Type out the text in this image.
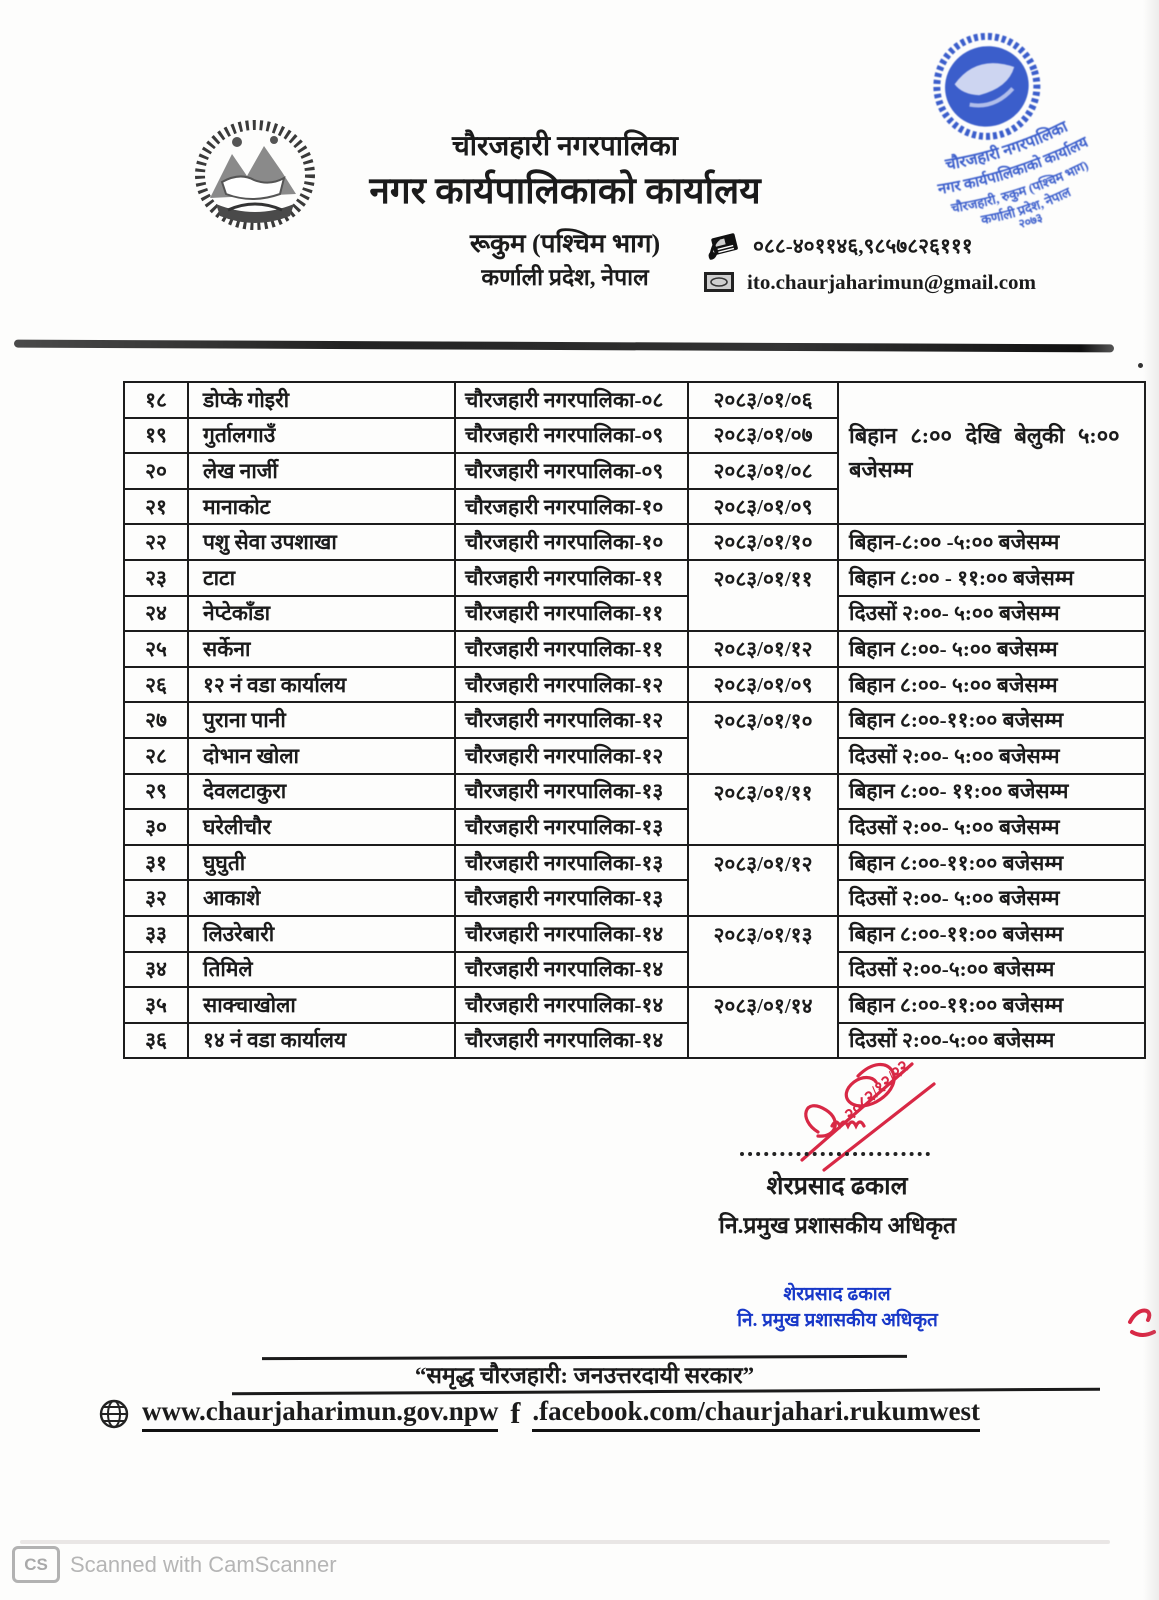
चौरजहारी नगरपालिका
नगर कार्यपालिकाको कार्यालय
रूकुम (पश्चिम भाग)
कर्णाली प्रदेश, नेपाल
०८८-४०११४६,९८५७८२६१११
ito.chaurjaharimun@gmail.com
चौरजहारी नगरपालिका
नगर कार्यपालिकाको कार्यालय
चौरजहारी, रुकुम (पश्चिम भाग)
कर्णाली प्रदेश, नेपाल
२०७३
१८	डोप्के गोइरी	चौरजहारी नगरपालिका-०८	२०८३/०१/०६	बिहान ८:०० देखि बेलुकी ५:०० बजेसम्म
१९	गुर्तालगाउँ	चौरजहारी नगरपालिका-०९	२०८३/०१/०७	
२०	लेख नार्जी	चौरजहारी नगरपालिका-०९	२०८३/०१/०८	
२१	मानाकोट	चौरजहारी नगरपालिका-१०	२०८३/०१/०९	
२२	पशु सेवा उपशाखा	चौरजहारी नगरपालिका-१०	२०८३/०१/१०	बिहान-८:०० -५:०० बजेसम्म
२३	टाटा	चौरजहारी नगरपालिका-११	२०८३/०१/११	बिहान ८:०० - ११:०० बजेसम्म
२४	नेप्टेकाँडा	चौरजहारी नगरपालिका-११		दिउसों २:००- ५:०० बजेसम्म
२५	सर्केना	चौरजहारी नगरपालिका-११	२०८३/०१/१२	बिहान ८:००- ५:०० बजेसम्म
२६	१२ नं वडा कार्यालय	चौरजहारी नगरपालिका-१२	२०८३/०१/०९	बिहान ८:००- ५:०० बजेसम्म
२७	पुराना पानी	चौरजहारी नगरपालिका-१२	२०८३/०१/१०	बिहान ८:००-११:०० बजेसम्म
२८	दोभान खोला	चौरजहारी नगरपालिका-१२		दिउसों २:००- ५:०० बजेसम्म
२९	देवलटाकुरा	चौरजहारी नगरपालिका-१३	२०८३/०१/११	बिहान ८:००- ११:०० बजेसम्म
३०	घरेलीचौर	चौरजहारी नगरपालिका-१३		दिउसों २:००- ५:०० बजेसम्म
३१	घुघुती	चौरजहारी नगरपालिका-१३	२०८३/०१/१२	बिहान ८:००-११:०० बजेसम्म
३२	आकाशे	चौरजहारी नगरपालिका-१३		दिउसों २:००- ५:०० बजेसम्म
३३	लिउरेबारी	चौरजहारी नगरपालिका-१४	२०८३/०१/१३	बिहान ८:००-११:०० बजेसम्म
३४	तिमिले	चौरजहारी नगरपालिका-१४		दिउसों २:००-५:०० बजेसम्म
३५	साक्चाखोला	चौरजहारी नगरपालिका-१४	२०८३/०१/१४	बिहान ८:००-११:०० बजेसम्म
३६	१४ नं वडा कार्यालय	चौरजहारी नगरपालिका-१४		दिउसों २:००-५:०० बजेसम्म
२०८२/१२/२२
शेरप्रसाद ढकाल
नि.प्रमुख प्रशासकीय अधिकृत
शेरप्रसाद ढकाल
नि. प्रमुख प्रशासकीय अधिकृत
“समृद्ध चौरजहारी: जनउत्तरदायी सरकार”
www.chaurjaharimun.gov.npw f .facebook.com/chaurjahari.rukumwest
CS	Scanned with CamScanner
